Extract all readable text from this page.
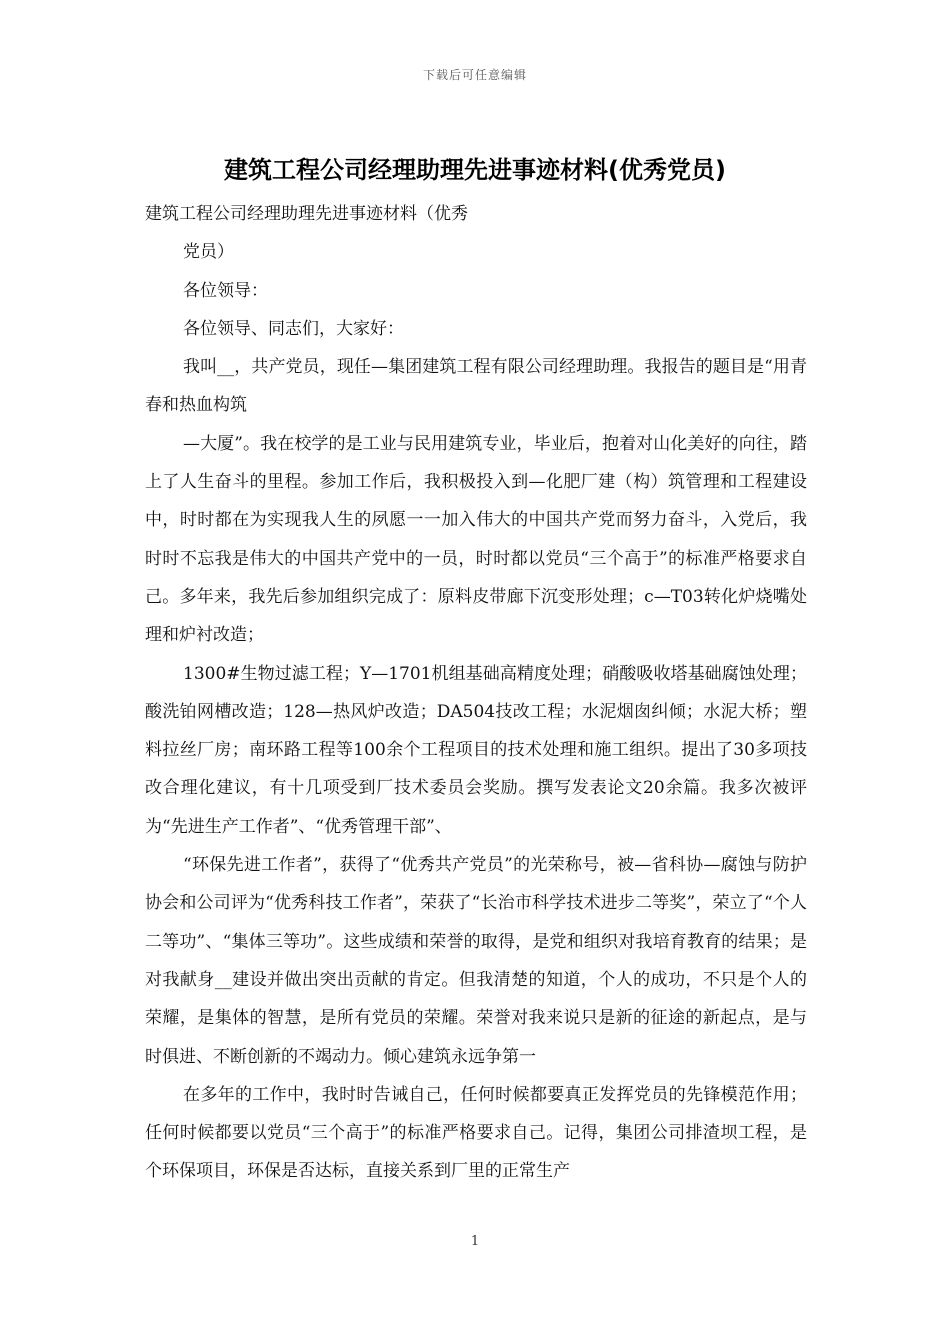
下载后可任意编辑
建筑工程公司经理助理先进事迹材料(优秀党员)

建筑工程公司经理助理先进事迹材料（优秀

党员）

各位领导：

各位领导、同志们，大家好：

我叫__，共产党员，现任—集团建筑工程有限公司经理助理。我报告的题目是“用青春和热血构筑

—大厦”。我在校学的是工业与民用建筑专业，毕业后，抱着对山化美好的向往，踏上了人生奋斗的里程。参加工作后，我积极投入到—化肥厂建（构）筑管理和工程建设中，时时都在为实现我人生的夙愿一一加入伟大的中国共产党而努力奋斗，入党后，我时时不忘我是伟大的中国共产党中的一员，时时都以党员“三个高于”的标准严格要求自己。多年来，我先后参加组织完成了：原料皮带廊下沉变形处理；c—T03转化炉烧嘴处理和炉衬改造；

1300#生物过滤工程；Y—1701机组基础高精度处理；硝酸吸收塔基础腐蚀处理；酸洗铂网槽改造；128—热风炉改造；DA504技改工程；水泥烟囱纠倾；水泥大桥；塑料拉丝厂房；南环路工程等100余个工程项目的技术处理和施工组织。提出了30多项技改合理化建议，有十几项受到厂技术委员会奖励。撰写发表论文20余篇。我多次被评为“先进生产工作者”、“优秀管理干部”、

“环保先进工作者”，获得了“优秀共产党员”的光荣称号，被—省科协—腐蚀与防护协会和公司评为“优秀科技工作者”，荣获了“长治市科学技术进步二等奖”，荣立了“个人二等功”、“集体三等功”。这些成绩和荣誉的取得，是党和组织对我培育教育的结果；是对我献身__建设并做出突出贡献的肯定。但我清楚的知道，个人的成功，不只是个人的荣耀，是集体的智慧，是所有党员的荣耀。荣誉对我来说只是新的征途的新起点，是与时俱进、不断创新的不竭动力。倾心建筑永远争第一

在多年的工作中，我时时告诫自己，任何时候都要真正发挥党员的先锋模范作用；任何时候都要以党员“三个高于”的标准严格要求自己。记得，集团公司排渣坝工程，是个环保项目，环保是否达标，直接关系到厂里的正常生产

1
